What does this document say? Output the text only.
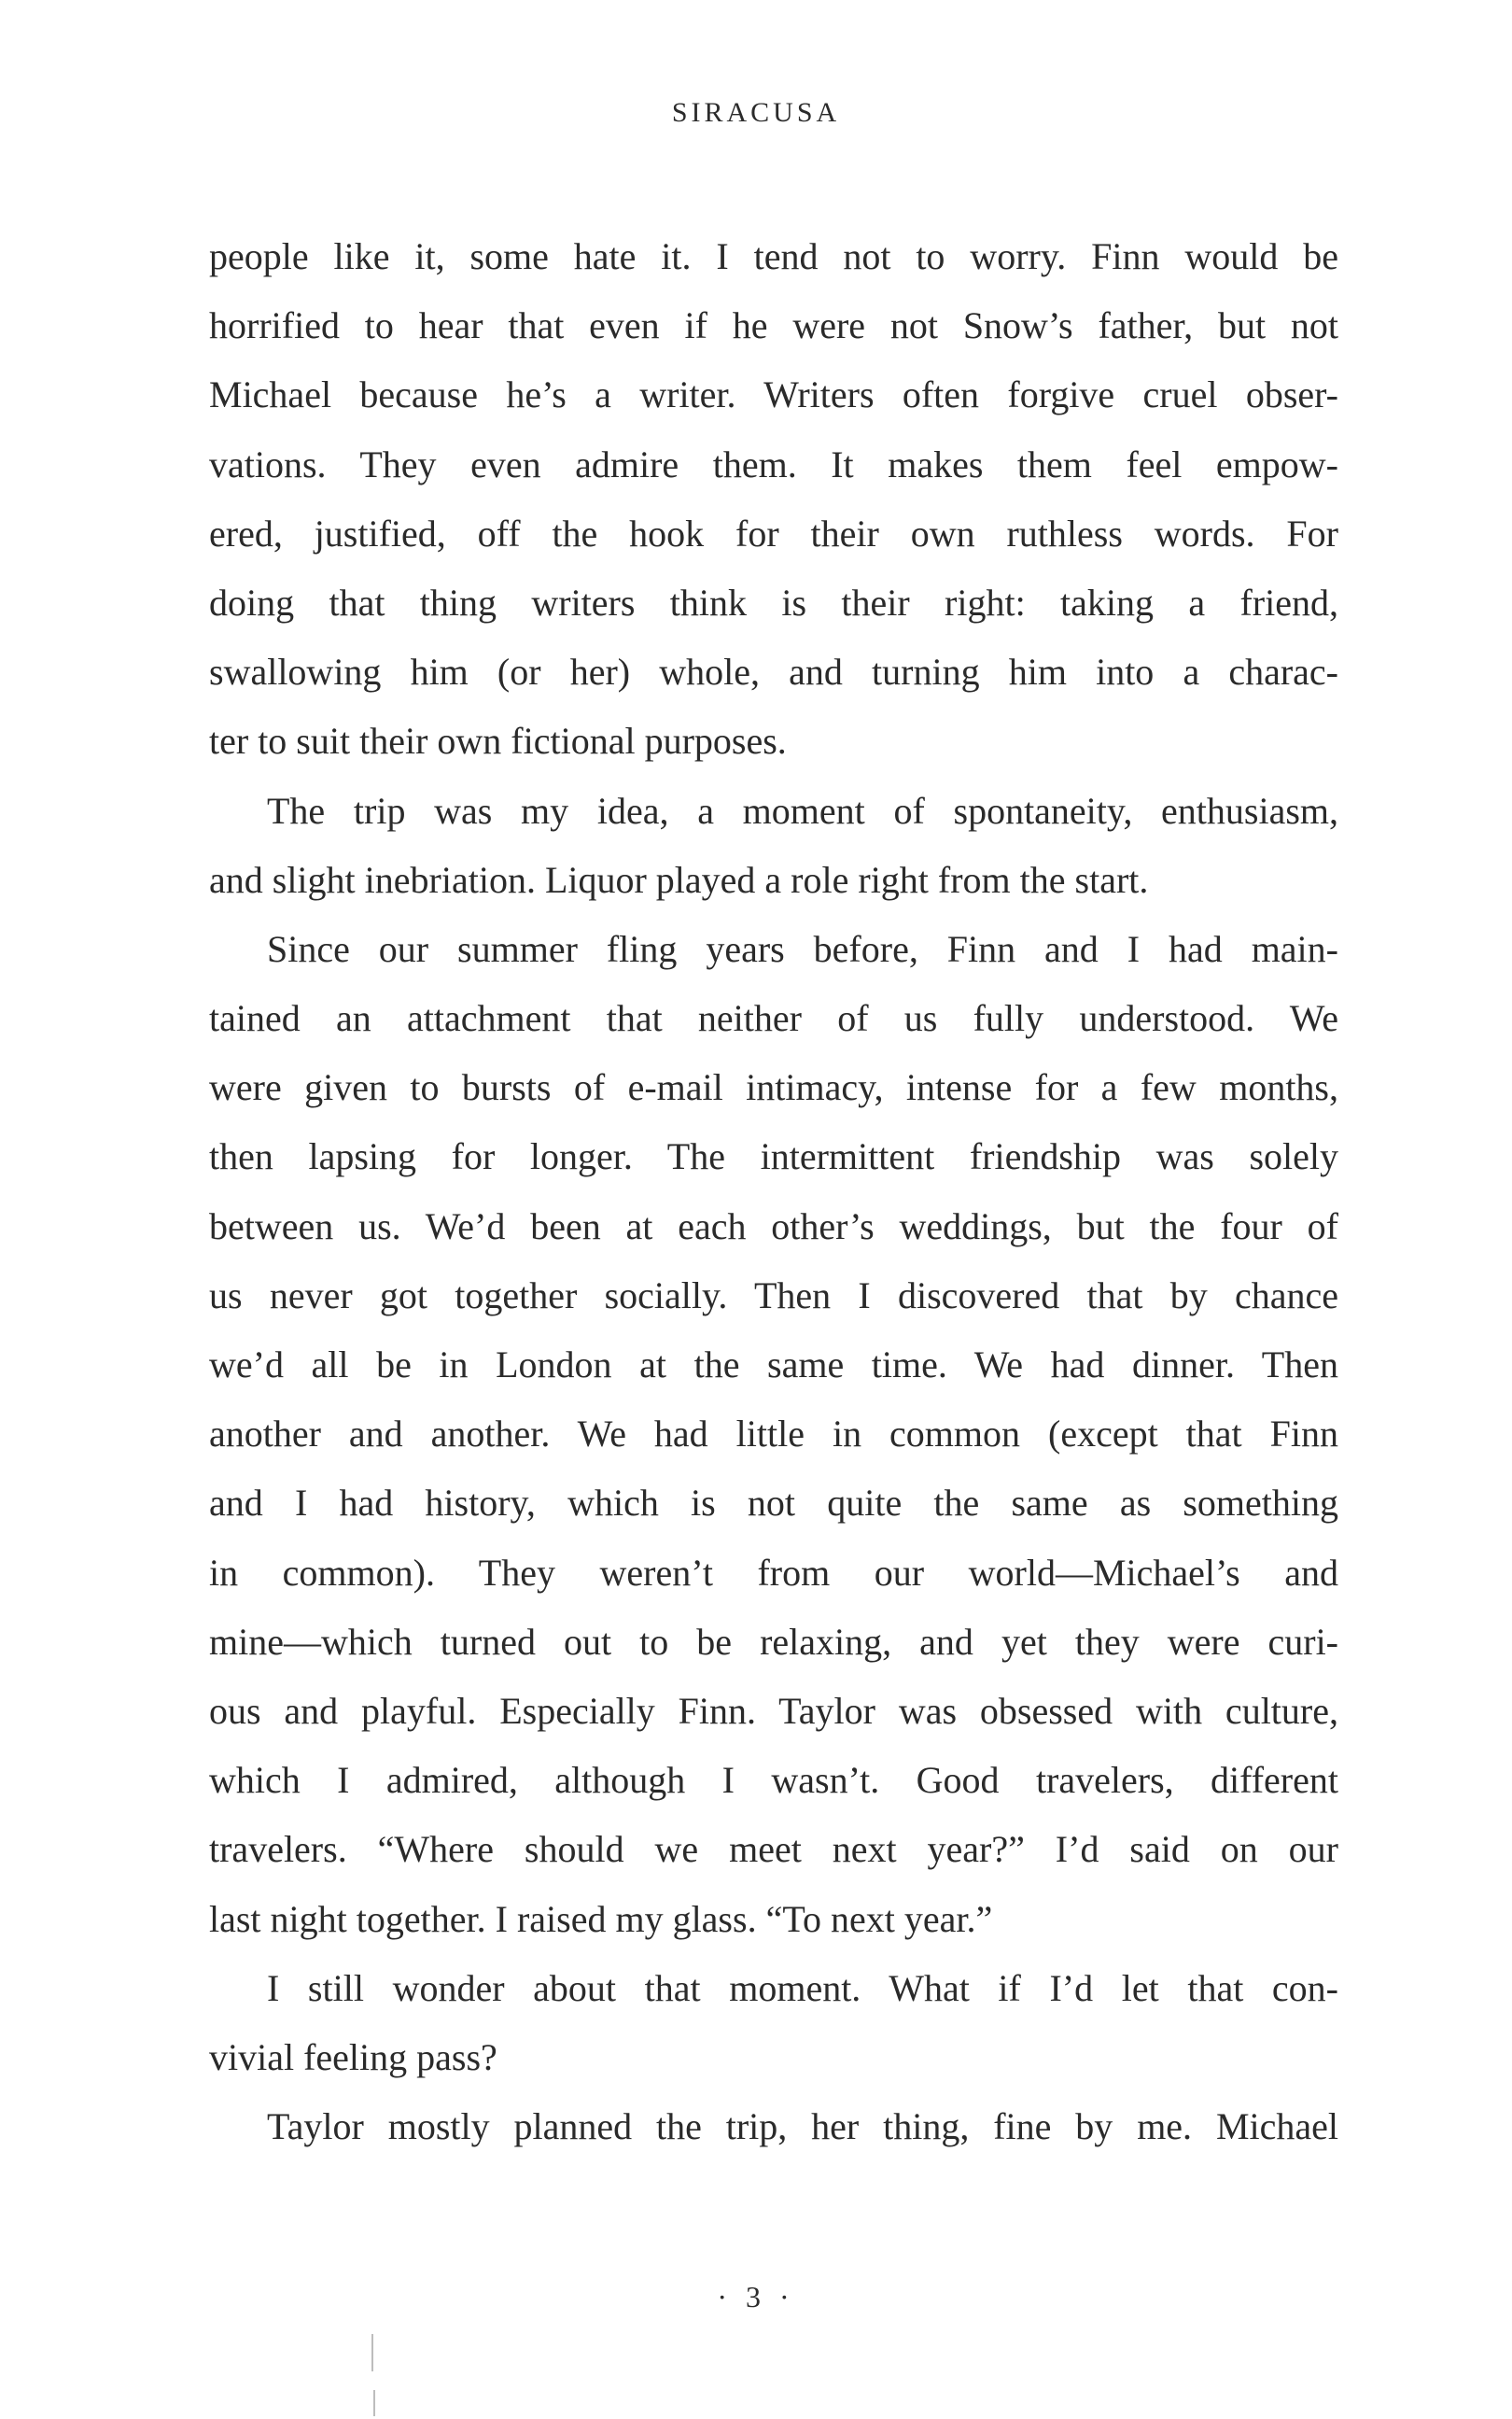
SIRACUSA
people like it, some hate it. I tend not to worry. Finn would be
horrified to hear that even if he were not Snow’s father, but not
Michael because he’s a writer. Writers often forgive cruel obser-
vations. They even admire them. It makes them feel empow-
ered, justified, off the hook for their own ruthless words. For
doing that thing writers think is their right: taking a friend,
swallowing him (or her) whole, and turning him into a charac-
ter to suit their own fictional purposes.
The trip was my idea, a moment of spontaneity, enthusiasm,
and slight inebriation. Liquor played a role right from the start.
Since our summer fling years before, Finn and I had main-
tained an attachment that neither of us fully understood. We
were given to bursts of e-mail intimacy, intense for a few months,
then lapsing for longer. The intermittent friendship was solely
between us. We’d been at each other’s weddings, but the four of
us never got together socially. Then I discovered that by chance
we’d all be in London at the same time. We had dinner. Then
another and another. We had little in common (except that Finn
and I had history, which is not quite the same as something
in common). They weren’t from our world—Michael’s and
mine—which turned out to be relaxing, and yet they were curi-
ous and playful. Especially Finn. Taylor was obsessed with culture,
which I admired, although I wasn’t. Good travelers, different
travelers. “Where should we meet next year?” I’d said on our
last night together. I raised my glass. “To next year.”
I still wonder about that moment. What if I’d let that con-
vivial feeling pass?
Taylor mostly planned the trip, her thing, fine by me. Michael
· 3 ·
